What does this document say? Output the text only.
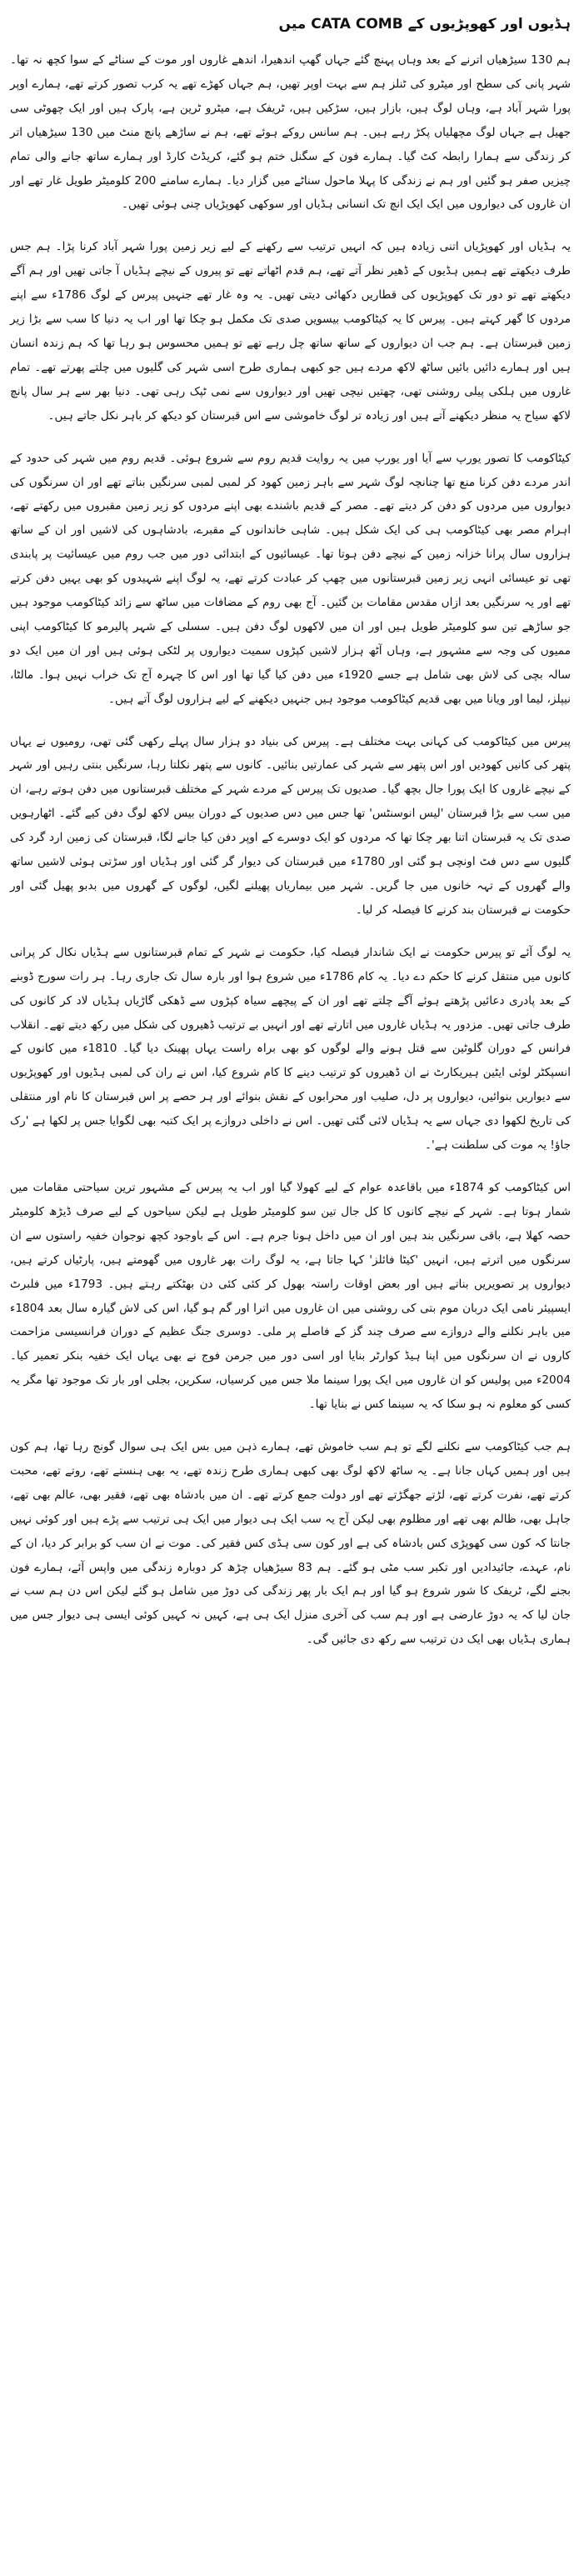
ہڈیوں اور کھوپڑیوں کے CATA COMB میں

ہم 130 سیڑھیاں اترنے کے بعد وہاں پہنچ گئے جہاں گھپ اندھیرا، اندھے غاروں اور موت کے سناٹے کے سوا کچھ نہ تھا۔ شہر پانی کی سطح اور میٹرو کی ٹنلز ہم سے بہت اوپر تھیں، ہم جہاں کھڑے تھے یہ کرب تصور کرتے تھے، ہمارے اوپر پورا شہر آباد ہے، وہاں لوگ ہیں، بازار ہیں، سڑکیں ہیں، ٹریفک ہے، میٹرو ٹرین ہے، پارک ہیں اور ایک چھوٹی سی جھیل ہے جہاں لوگ مچھلیاں پکڑ رہے ہیں۔ ہم سانس روکے ہوئے تھے، ہم نے ساڑھے پانچ منٹ میں 130 سیڑھیاں اتر کر زندگی سے ہمارا رابطہ کٹ گیا۔ ہمارے فون کے سگنل ختم ہو گئے، کریڈٹ کارڈ اور ہمارے ساتھ جانے والی تمام چیزیں صفر ہو گئیں اور ہم نے زندگی کا پہلا ماحول سناٹے میں گزار دیا۔ ہمارے سامنے 200 کلومیٹر طویل غار تھے اور ان غاروں کی دیواروں میں ایک ایک انچ تک انسانی ہڈیاں اور سوکھی کھوپڑیاں چنی ہوئی تھیں۔

یہ ہڈیاں اور کھوپڑیاں اتنی زیادہ ہیں کہ انہیں ترتیب سے رکھنے کے لیے زیر زمین پورا شہر آباد کرنا پڑا۔ ہم جس طرف دیکھتے تھے ہمیں ہڈیوں کے ڈھیر نظر آتے تھے، ہم قدم اٹھاتے تھے تو پیروں کے نیچے ہڈیاں آ جاتی تھیں اور ہم آگے دیکھتے تھے تو دور تک کھوپڑیوں کی قطاریں دکھائی دیتی تھیں۔ یہ وہ غار تھے جنہیں پیرس کے لوگ 1786ء سے اپنے مردوں کا گھر کہتے ہیں۔ پیرس کا یہ کیٹاکومب بیسویں صدی تک مکمل ہو چکا تھا اور اب یہ دنیا کا سب سے بڑا زیر زمین قبرستان ہے۔ ہم جب ان دیواروں کے ساتھ ساتھ چل رہے تھے تو ہمیں محسوس ہو رہا تھا کہ ہم زندہ انسان ہیں اور ہمارے دائیں بائیں ساٹھ لاکھ مردے ہیں جو کبھی ہماری طرح اسی شہر کی گلیوں میں چلتے پھرتے تھے۔ تمام غاروں میں ہلکی پیلی روشنی تھی، چھتیں نیچی تھیں اور دیواروں سے نمی ٹپک رہی تھی۔ دنیا بھر سے ہر سال پانچ لاکھ سیاح یہ منظر دیکھنے آتے ہیں اور زیادہ تر لوگ خاموشی سے اس قبرستان کو دیکھ کر باہر نکل جاتے ہیں۔

کیٹاکومب کا تصور یورپ سے آیا اور یورپ میں یہ روایت قدیم روم سے شروع ہوئی۔ قدیم روم میں شہر کی حدود کے اندر مردے دفن کرنا منع تھا چنانچہ لوگ شہر سے باہر زمین کھود کر لمبی لمبی سرنگیں بناتے تھے اور ان سرنگوں کی دیواروں میں مردوں کو دفن کر دیتے تھے۔ مصر کے قدیم باشندے بھی اپنے مردوں کو زیر زمین مقبروں میں رکھتے تھے، اہرام مصر بھی کیٹاکومب ہی کی ایک شکل ہیں۔ شاہی خاندانوں کے مقبرے، بادشاہوں کی لاشیں اور ان کے ساتھ ہزاروں سال پرانا خزانہ زمین کے نیچے دفن ہوتا تھا۔ عیسائیوں کے ابتدائی دور میں جب روم میں عیسائیت پر پابندی تھی تو عیسائی انہی زیر زمین قبرستانوں میں چھپ کر عبادت کرتے تھے، یہ لوگ اپنے شہیدوں کو بھی یہیں دفن کرتے تھے اور یہ سرنگیں بعد ازاں مقدس مقامات بن گئیں۔ آج بھی روم کے مضافات میں ساٹھ سے زائد کیٹاکومب موجود ہیں جو ساڑھے تین سو کلومیٹر طویل ہیں اور ان میں لاکھوں لوگ دفن ہیں۔ سسلی کے شہر پالیرمو کا کیٹاکومب اپنی ممیوں کی وجہ سے مشہور ہے، وہاں آٹھ ہزار لاشیں کپڑوں سمیت دیواروں پر لٹکی ہوئی ہیں اور ان میں ایک دو سالہ بچی کی لاش بھی شامل ہے جسے 1920ء میں دفن کیا گیا تھا اور اس کا چہرہ آج تک خراب نہیں ہوا۔ مالٹا، نیپلز، لیما اور ویانا میں بھی قدیم کیٹاکومب موجود ہیں جنہیں دیکھنے کے لیے ہزاروں لوگ آتے ہیں۔

پیرس میں کیٹاکومب کی کہانی بہت مختلف ہے۔ پیرس کی بنیاد دو ہزار سال پہلے رکھی گئی تھی، رومیوں نے یہاں پتھر کی کانیں کھودیں اور اس پتھر سے شہر کی عمارتیں بنائیں۔ کانوں سے پتھر نکلتا رہا، سرنگیں بنتی رہیں اور شہر کے نیچے غاروں کا ایک پورا جال بچھ گیا۔ صدیوں تک پیرس کے مردے شہر کے مختلف قبرستانوں میں دفن ہوتے رہے، ان میں سب سے بڑا قبرستان 'لیس انوسنٹس' تھا جس میں دس صدیوں کے دوران بیس لاکھ لوگ دفن کیے گئے۔ اٹھارہویں صدی تک یہ قبرستان اتنا بھر چکا تھا کہ مردوں کو ایک دوسرے کے اوپر دفن کیا جانے لگا، قبرستان کی زمین ارد گرد کی گلیوں سے دس فٹ اونچی ہو گئی اور 1780ء میں قبرستان کی دیوار گر گئی اور ہڈیاں اور سڑتی ہوئی لاشیں ساتھ والے گھروں کے تہہ خانوں میں جا گریں۔ شہر میں بیماریاں پھیلنے لگیں، لوگوں کے گھروں میں بدبو پھیل گئی اور حکومت نے قبرستان بند کرنے کا فیصلہ کر لیا۔

یہ لوگ آئے تو پیرس حکومت نے ایک شاندار فیصلہ کیا، حکومت نے شہر کے تمام قبرستانوں سے ہڈیاں نکال کر پرانی کانوں میں منتقل کرنے کا حکم دے دیا۔ یہ کام 1786ء میں شروع ہوا اور بارہ سال تک جاری رہا۔ ہر رات سورج ڈوبنے کے بعد پادری دعائیں پڑھتے ہوئے آگے چلتے تھے اور ان کے پیچھے سیاہ کپڑوں سے ڈھکی گاڑیاں ہڈیاں لاد کر کانوں کی طرف جاتی تھیں۔ مزدور یہ ہڈیاں غاروں میں اتارتے تھے اور انہیں بے ترتیب ڈھیروں کی شکل میں رکھ دیتے تھے۔ انقلاب فرانس کے دوران گلوٹین سے قتل ہونے والے لوگوں کو بھی براہ راست یہاں پھینک دیا گیا۔ 1810ء میں کانوں کے انسپکٹر لوئی ایٹین ہیریکارٹ نے ان ڈھیروں کو ترتیب دینے کا کام شروع کیا، اس نے ران کی لمبی ہڈیوں اور کھوپڑیوں سے دیواریں بنوائیں، دیواروں پر دل، صلیب اور محرابوں کے نقش بنوائے اور ہر حصے پر اس قبرستان کا نام اور منتقلی کی تاریخ لکھوا دی جہاں سے یہ ہڈیاں لائی گئی تھیں۔ اس نے داخلی دروازے پر ایک کتبہ بھی لگوایا جس پر لکھا ہے 'رک جاؤ! یہ موت کی سلطنت ہے'۔

اس کیٹاکومب کو 1874ء میں باقاعدہ عوام کے لیے کھولا گیا اور اب یہ پیرس کے مشہور ترین سیاحتی مقامات میں شمار ہوتا ہے۔ شہر کے نیچے کانوں کا کل جال تین سو کلومیٹر طویل ہے لیکن سیاحوں کے لیے صرف ڈیڑھ کلومیٹر حصہ کھلا ہے، باقی سرنگیں بند ہیں اور ان میں داخل ہونا جرم ہے۔ اس کے باوجود کچھ نوجوان خفیہ راستوں سے ان سرنگوں میں اترتے ہیں، انہیں 'کیٹا فائلز' کہا جاتا ہے، یہ لوگ رات بھر غاروں میں گھومتے ہیں، پارٹیاں کرتے ہیں، دیواروں پر تصویریں بناتے ہیں اور بعض اوقات راستہ بھول کر کئی کئی دن بھٹکتے رہتے ہیں۔ 1793ء میں فلبرٹ ایسپیئر نامی ایک دربان موم بتی کی روشنی میں ان غاروں میں اترا اور گم ہو گیا، اس کی لاش گیارہ سال بعد 1804ء میں باہر نکلنے والے دروازے سے صرف چند گز کے فاصلے پر ملی۔ دوسری جنگ عظیم کے دوران فرانسیسی مزاحمت کاروں نے ان سرنگوں میں اپنا ہیڈ کوارٹر بنایا اور اسی دور میں جرمن فوج نے بھی یہاں ایک خفیہ بنکر تعمیر کیا۔ 2004ء میں پولیس کو ان غاروں میں ایک پورا سینما ملا جس میں کرسیاں، سکرین، بجلی اور بار تک موجود تھا مگر یہ کسی کو معلوم نہ ہو سکا کہ یہ سینما کس نے بنایا تھا۔

ہم جب کیٹاکومب سے نکلنے لگے تو ہم سب خاموش تھے، ہمارے ذہن میں بس ایک ہی سوال گونج رہا تھا، ہم کون ہیں اور ہمیں کہاں جانا ہے۔ یہ ساٹھ لاکھ لوگ بھی کبھی ہماری طرح زندہ تھے، یہ بھی ہنستے تھے، روتے تھے، محبت کرتے تھے، نفرت کرتے تھے، لڑتے جھگڑتے تھے اور دولت جمع کرتے تھے۔ ان میں بادشاہ بھی تھے، فقیر بھی، عالم بھی تھے، جاہل بھی، ظالم بھی تھے اور مظلوم بھی لیکن آج یہ سب ایک ہی دیوار میں ایک ہی ترتیب سے پڑے ہیں اور کوئی نہیں جانتا کہ کون سی کھوپڑی کس بادشاہ کی ہے اور کون سی ہڈی کس فقیر کی۔ موت نے ان سب کو برابر کر دیا، ان کے نام، عہدے، جائیدادیں اور تکبر سب مٹی ہو گئے۔ ہم 83 سیڑھیاں چڑھ کر دوبارہ زندگی میں واپس آئے، ہمارے فون بجنے لگے، ٹریفک کا شور شروع ہو گیا اور ہم ایک بار پھر زندگی کی دوڑ میں شامل ہو گئے لیکن اس دن ہم سب نے جان لیا کہ یہ دوڑ عارضی ہے اور ہم سب کی آخری منزل ایک ہی ہے، کہیں نہ کہیں کوئی ایسی ہی دیوار جس میں ہماری ہڈیاں بھی ایک دن ترتیب سے رکھ دی جائیں گی۔
